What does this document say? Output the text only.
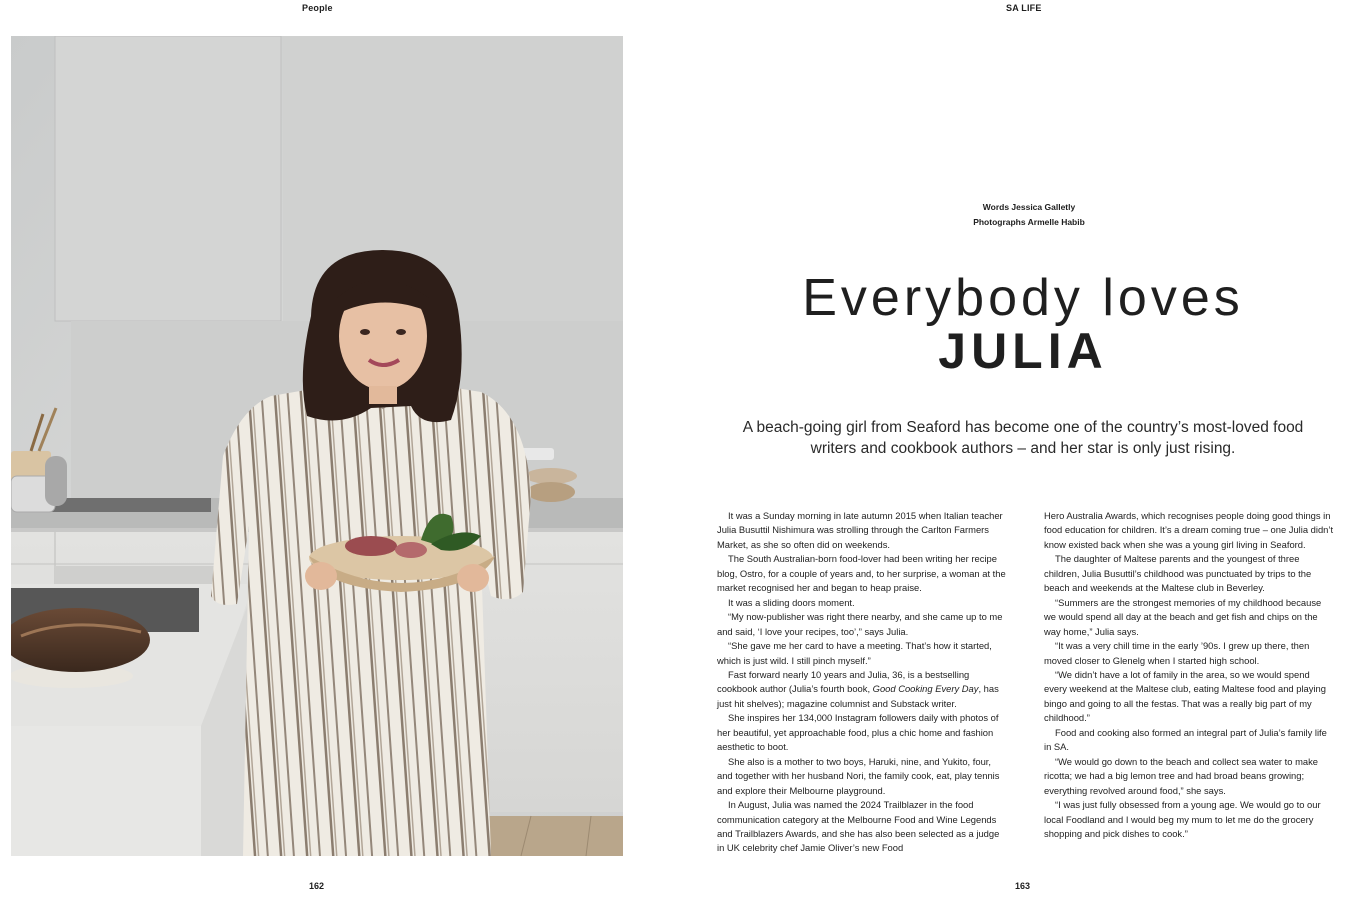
People	SA LIFE
162	163
Words Jessica Galletly
Photographs Armelle Habib
Everybody loves
JULIA
A beach-going girl from Seaford has become one of the country’s most-loved food writers and cookbook authors – and her star is only just rising.

It was a Sunday morning in late autumn 2015 when Italian teacher Julia Busuttil Nishimura was strolling through the Carlton Farmers Market, as she so often did on weekends.

The South Australian-born food-lover had been writing her recipe blog, Ostro, for a couple of years and, to her surprise, a woman at the market recognised her and began to heap praise.

It was a sliding doors moment.

“My now-publisher was right there nearby, and she came up to me and said, ‘I love your recipes, too’,” says Julia.

“She gave me her card to have a meeting. That’s how it started, which is just wild. I still pinch myself.”

Fast forward nearly 10 years and Julia, 36, is a bestselling cookbook author (Julia’s fourth book, Good Cooking Every Day, has just hit shelves); magazine columnist and Substack writer.

She inspires her 134,000 Instagram followers daily with photos of her beautiful, yet approachable food, plus a chic home and fashion aesthetic to boot.

She also is a mother to two boys, Haruki, nine, and Yukito, four, and together with her husband Nori, the family cook, eat, play tennis and explore their Melbourne playground.

In August, Julia was named the 2024 Trailblazer in the food communication category at the Melbourne Food and Wine Legends and Trailblazers Awards, and she has also been selected as a judge in UK celebrity chef Jamie Oliver’s new Food

Hero Australia Awards, which recognises people doing good things in food education for children. It’s a dream coming true – one Julia didn’t know existed back when she was a young girl living in Seaford.

The daughter of Maltese parents and the youngest of three children, Julia Busuttil’s childhood was punctuated by trips to the beach and weekends at the Maltese club in Beverley.

“Summers are the strongest memories of my childhood because we would spend all day at the beach and get fish and chips on the way home,” Julia says.

“It was a very chill time in the early ’90s. I grew up there, then moved closer to Glenelg when I started high school.

“We didn’t have a lot of family in the area, so we would spend every weekend at the Maltese club, eating Maltese food and playing bingo and going to all the festas. That was a really big part of my childhood.”

Food and cooking also formed an integral part of Julia’s family life in SA.

“We would go down to the beach and collect sea water to make ricotta; we had a big lemon tree and had broad beans growing; everything revolved around food,” she says.

“I was just fully obsessed from a young age. We would go to our local Foodland and I would beg my mum to let me do the grocery shopping and pick dishes to cook.”
